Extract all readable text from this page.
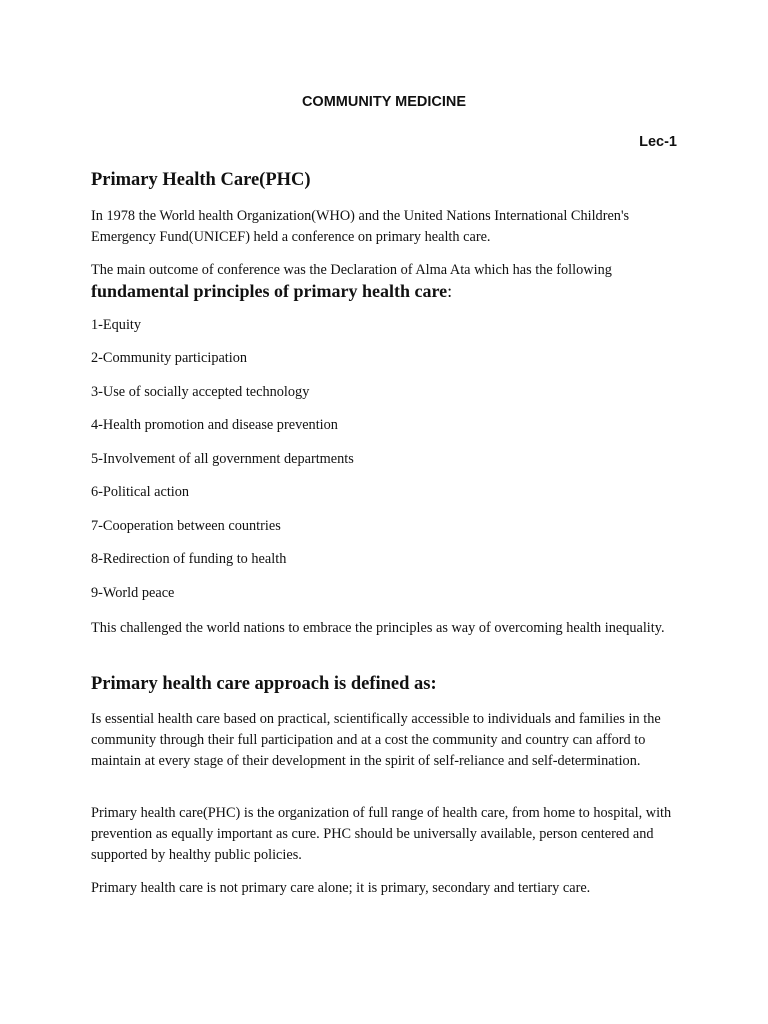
COMMUNITY MEDICINE
Lec-1
Primary Health Care(PHC)

In 1978 the World health Organization(WHO) and the United Nations International Children's Emergency Fund(UNICEF) held a conference on primary health care.

The main outcome of conference was the Declaration of Alma Ata which has the following

fundamental principles of primary health care:

1-Equity

2-Community participation

3-Use of socially accepted technology

4-Health promotion and disease prevention

5-Involvement of all government departments

6-Political action

7-Cooperation between countries

8-Redirection of funding to health

9-World peace

This challenged the world nations to embrace the principles as way of overcoming health inequality.

Primary health care approach is defined as:

Is essential health care based on practical, scientifically accessible to individuals and families in the community through their full participation and at a cost the community and country can afford to maintain at every stage of their development in the spirit of self-reliance and self-determination.

Primary health care(PHC) is the organization of full range of health care, from home to hospital, with prevention as equally important as cure. PHC should be universally available, person centered and supported by healthy public policies.

Primary health care is not primary care alone; it is primary, secondary and tertiary care.
